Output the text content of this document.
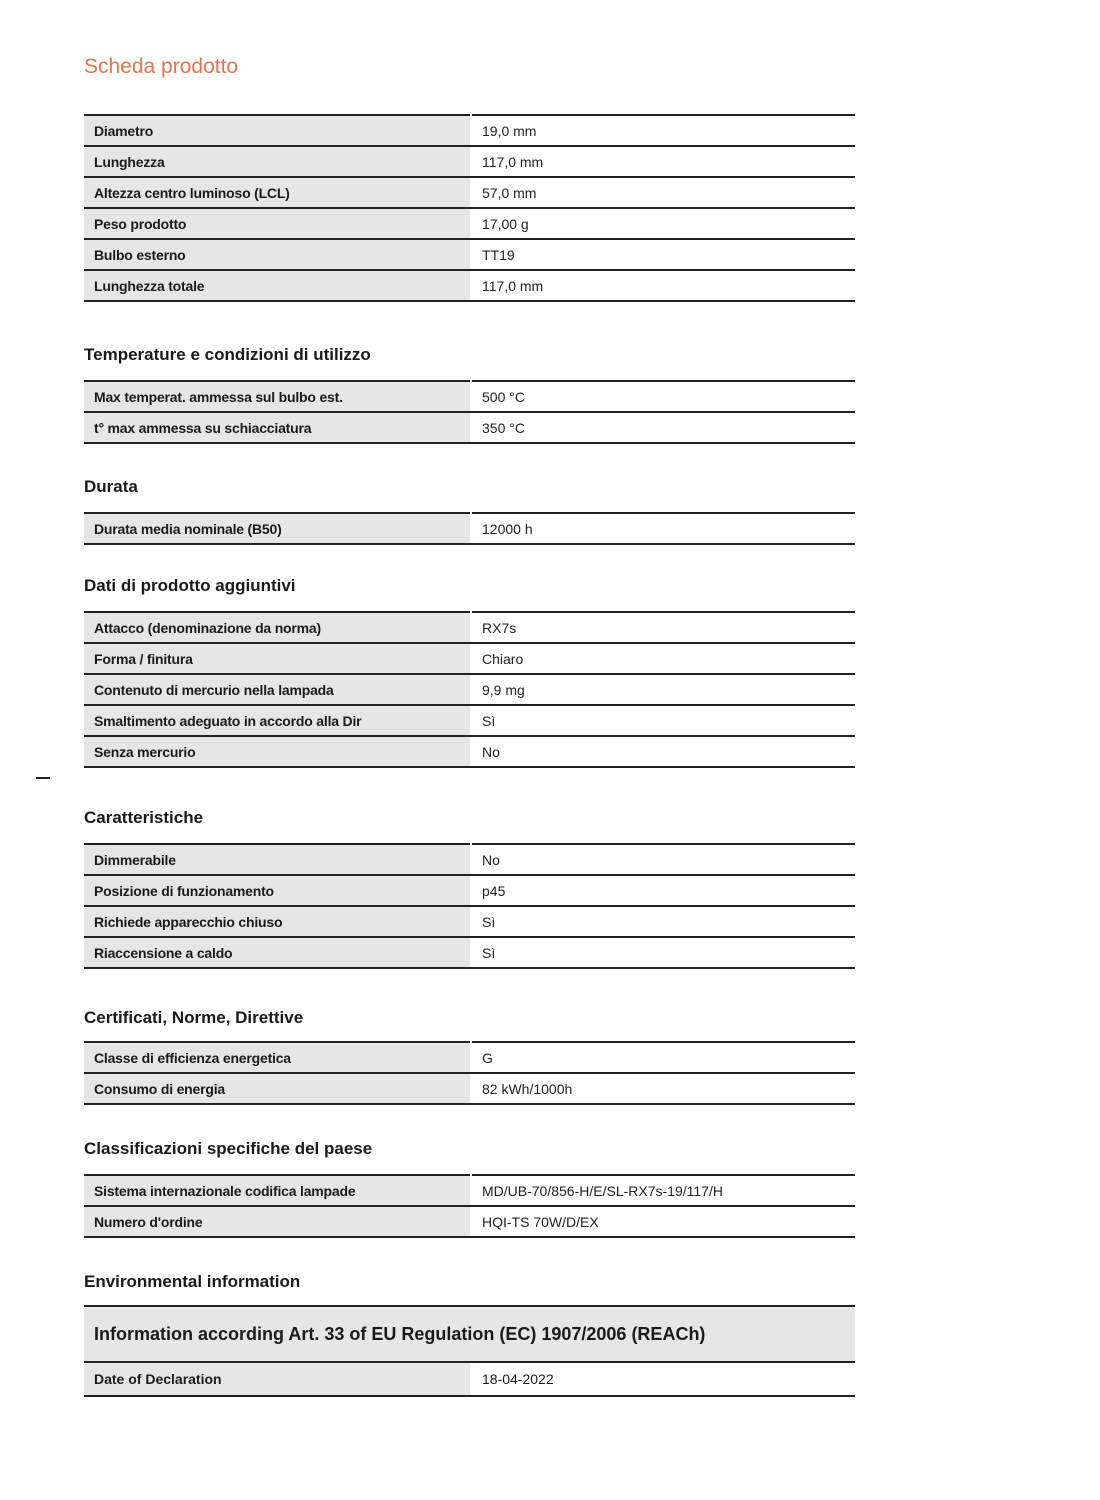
Scheda prodotto
Diametro	19,0 mm
Lunghezza	117,0 mm
Altezza centro luminoso (LCL)	57,0 mm
Peso prodotto	17,00 g
Bulbo esterno	TT19
Lunghezza totale	117,0 mm
Temperature e condizioni di utilizzo
Max temperat. ammessa sul bulbo est.	500 °C
t° max ammessa su schiacciatura	350 °C
Durata
Durata media nominale (B50)	12000 h
Dati di prodotto aggiuntivi
Attacco (denominazione da norma)	RX7s
Forma / finitura	Chiaro
Contenuto di mercurio nella lampada	9,9 mg
Smaltimento adeguato in accordo alla Dir	Sì
Senza mercurio	No
Caratteristiche
Dimmerabile	No
Posizione di funzionamento	p45
Richiede apparecchio chiuso	Sì
Riaccensione a caldo	Sì
Certificati, Norme, Direttive
Classe di efficienza energetica	G
Consumo di energia	82 kWh/1000h
Classificazioni specifiche del paese
Sistema internazionale codifica lampade	MD/UB-70/856-H/E/SL-RX7s-19/117/H
Numero d'ordine	HQI-TS 70W/D/EX
Environmental information
Information according Art. 33 of EU Regulation (EC) 1907/2006 (REACh)
Date of Declaration	18-04-2022
